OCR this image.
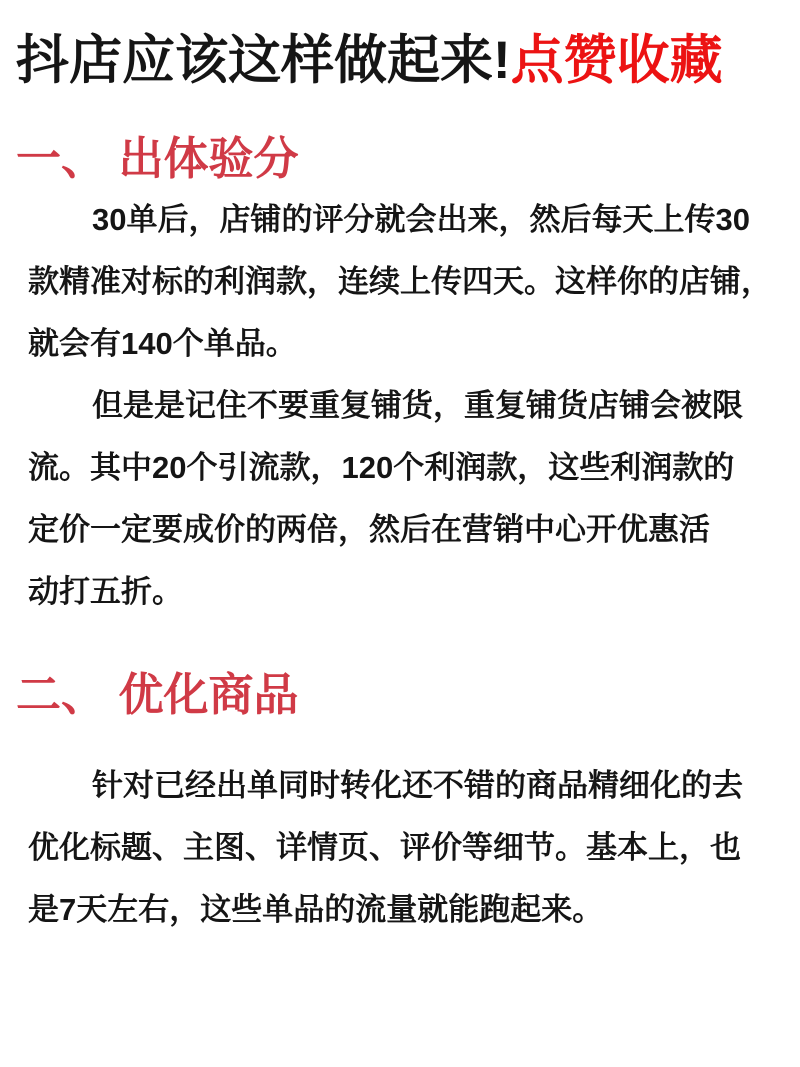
抖店应该这样做起来!点赞收藏
一、 出体验分
30单后，店铺的评分就会出来，然后每天上传30
款精准对标的利润款，连续上传四天。这样你的店铺，
就会有140个单品。
但是是记住不要重复铺货，重复铺货店铺会被限
流。其中20个引流款，120个利润款，这些利润款的
定价一定要成价的两倍，然后在营销中心开优惠活
动打五折。
二、 优化商品
针对已经出单同时转化还不错的商品精细化的去
优化标题、主图、详情页、评价等细节。基本上，也
是7天左右，这些单品的流量就能跑起来。
